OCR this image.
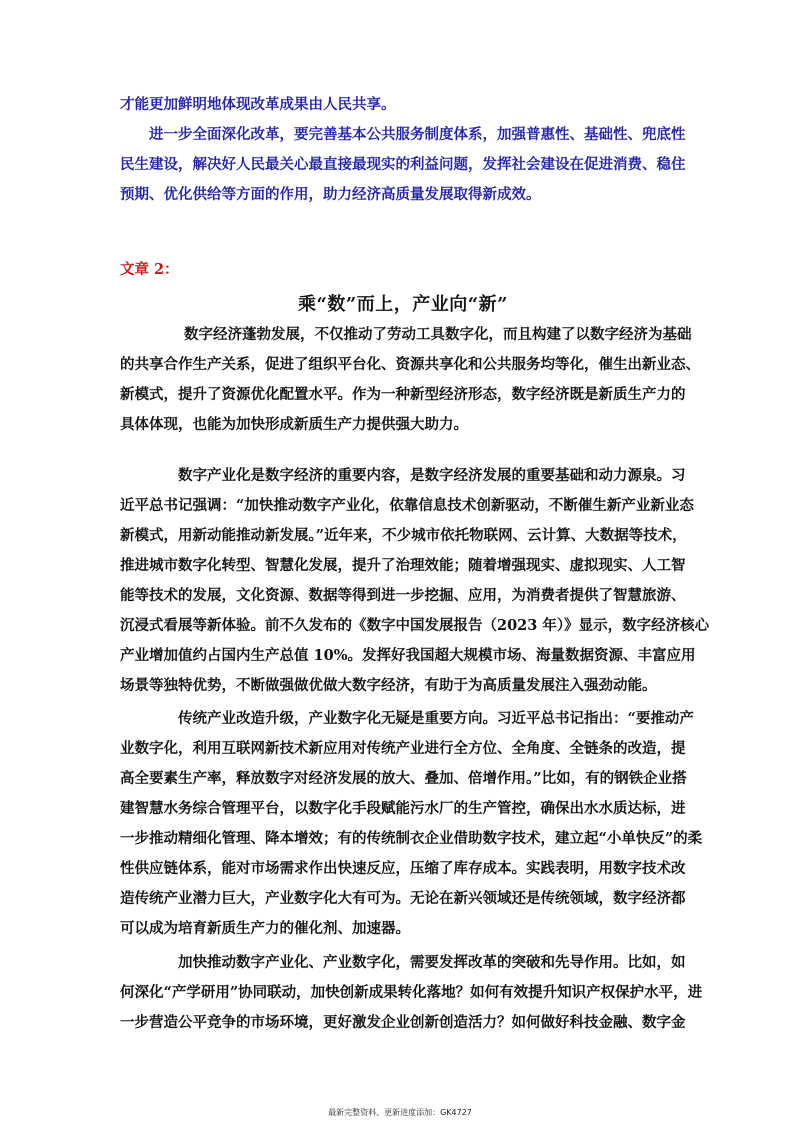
才能更加鲜明地体现改革成果由人民共享。
进一步全面深化改革，要完善基本公共服务制度体系，加强普惠性、基础性、兜底性
民生建设，解决好人民最关心最直接最现实的利益问题，发挥社会建设在促进消费、稳住
预期、优化供给等方面的作用，助力经济高质量发展取得新成效。
文章 2：
乘“数”而上，产业向“新”
数字经济蓬勃发展，不仅推动了劳动工具数字化，而且构建了以数字经济为基础
的共享合作生产关系，促进了组织平台化、资源共享化和公共服务均等化，催生出新业态、
新模式，提升了资源优化配置水平。作为一种新型经济形态，数字经济既是新质生产力的
具体体现，也能为加快形成新质生产力提供强大助力。
数字产业化是数字经济的重要内容，是数字经济发展的重要基础和动力源泉。习
近平总书记强调：“加快推动数字产业化，依靠信息技术创新驱动，不断催生新产业新业态
新模式，用新动能推动新发展。”近年来，不少城市依托物联网、云计算、大数据等技术，
推进城市数字化转型、智慧化发展，提升了治理效能；随着增强现实、虚拟现实、人工智
能等技术的发展，文化资源、数据等得到进一步挖掘、应用，为消费者提供了智慧旅游、
沉浸式看展等新体验。前不久发布的《数字中国发展报告（2023 年）》显示，数字经济核心
产业增加值约占国内生产总值 10%。发挥好我国超大规模市场、海量数据资源、丰富应用
场景等独特优势，不断做强做优做大数字经济，有助于为高质量发展注入强劲动能。
传统产业改造升级，产业数字化无疑是重要方向。习近平总书记指出：“要推动产
业数字化，利用互联网新技术新应用对传统产业进行全方位、全角度、全链条的改造，提
高全要素生产率，释放数字对经济发展的放大、叠加、倍增作用。”比如，有的钢铁企业搭
建智慧水务综合管理平台，以数字化手段赋能污水厂的生产管控，确保出水水质达标，进
一步推动精细化管理、降本增效；有的传统制衣企业借助数字技术，建立起“小单快反”的柔
性供应链体系，能对市场需求作出快速反应，压缩了库存成本。实践表明，用数字技术改
造传统产业潜力巨大，产业数字化大有可为。无论在新兴领域还是传统领域，数字经济都
可以成为培育新质生产力的催化剂、加速器。
加快推动数字产业化、产业数字化，需要发挥改革的突破和先导作用。比如，如
何深化“产学研用”协同联动，加快创新成果转化落地？如何有效提升知识产权保护水平，进
一步营造公平竞争的市场环境，更好激发企业创新创造活力？如何做好科技金融、数字金
最新完整资料、更新进度添加：GK4727
